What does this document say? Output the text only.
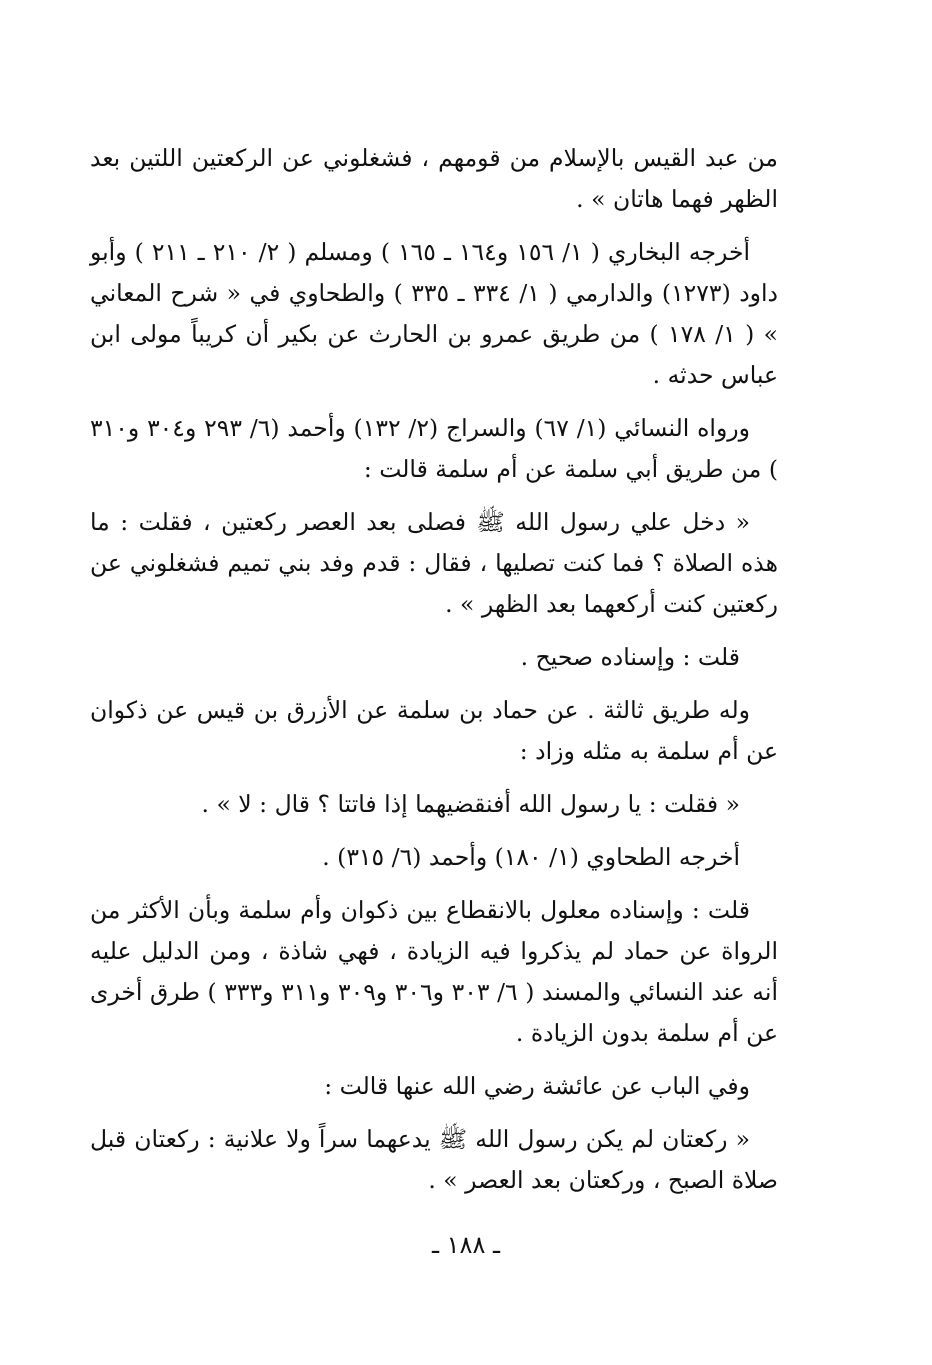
من عبد القيس بالإسلام من قومهم ، فشغلوني عن الركعتين اللتين بعد الظهر فهما هاتان » .

أخرجه البخاري ( ١/ ١٥٦ و١٦٤ ـ ١٦٥ ) ومسلم ( ٢/ ٢١٠ ـ ٢١١ ) وأبو داود (١٢٧٣) والدارمي ( ١/ ٣٣٤ ـ ٣٣٥ ) والطحاوي في « شرح المعاني » ( ١/ ١٧٨ ) من طريق عمرو بن الحارث عن بكير أن كريباً مولى ابن عباس حدثه .

ورواه النسائي (١/ ٦٧) والسراج (٢/ ١٣٢) وأحمد (٦/ ٢٩٣ و٣٠٤ و٣١٠ ) من طريق أبي سلمة عن أم سلمة قالت :

« دخل علي رسول الله ﷺ فصلى بعد العصر ركعتين ، فقلت : ما هذه الصلاة ؟ فما كنت تصليها ، فقال : قدم وفد بني تميم فشغلوني عن ركعتين كنت أركعهما بعد الظهر » .

قلت : وإسناده صحيح .

وله طريق ثالثة . عن حماد بن سلمة عن الأزرق بن قيس عن ذكوان عن أم سلمة به مثله وزاد :

« فقلت : يا رسول الله أفنقضيهما إذا فاتتا ؟ قال : لا » .

أخرجه الطحاوي (١/ ١٨٠) وأحمد (٦/ ٣١٥) .

قلت : وإسناده معلول بالانقطاع بين ذكوان وأم سلمة وبأن الأكثر من الرواة عن حماد لم يذكروا فيه الزيادة ، فهي شاذة ، ومن الدليل عليه أنه عند النسائي والمسند ( ٦/ ٣٠٣ و٣٠٦ و٣٠٩ و٣١١ و٣٣٣ ) طرق أخرى عن أم سلمة بدون الزيادة .

وفي الباب عن عائشة رضي الله عنها قالت :

« ركعتان لم يكن رسول الله ﷺ يدعهما سراً ولا علانية : ركعتان قبل صلاة الصبح ، وركعتان بعد العصر » .

ـ ١٨٨ ـ
